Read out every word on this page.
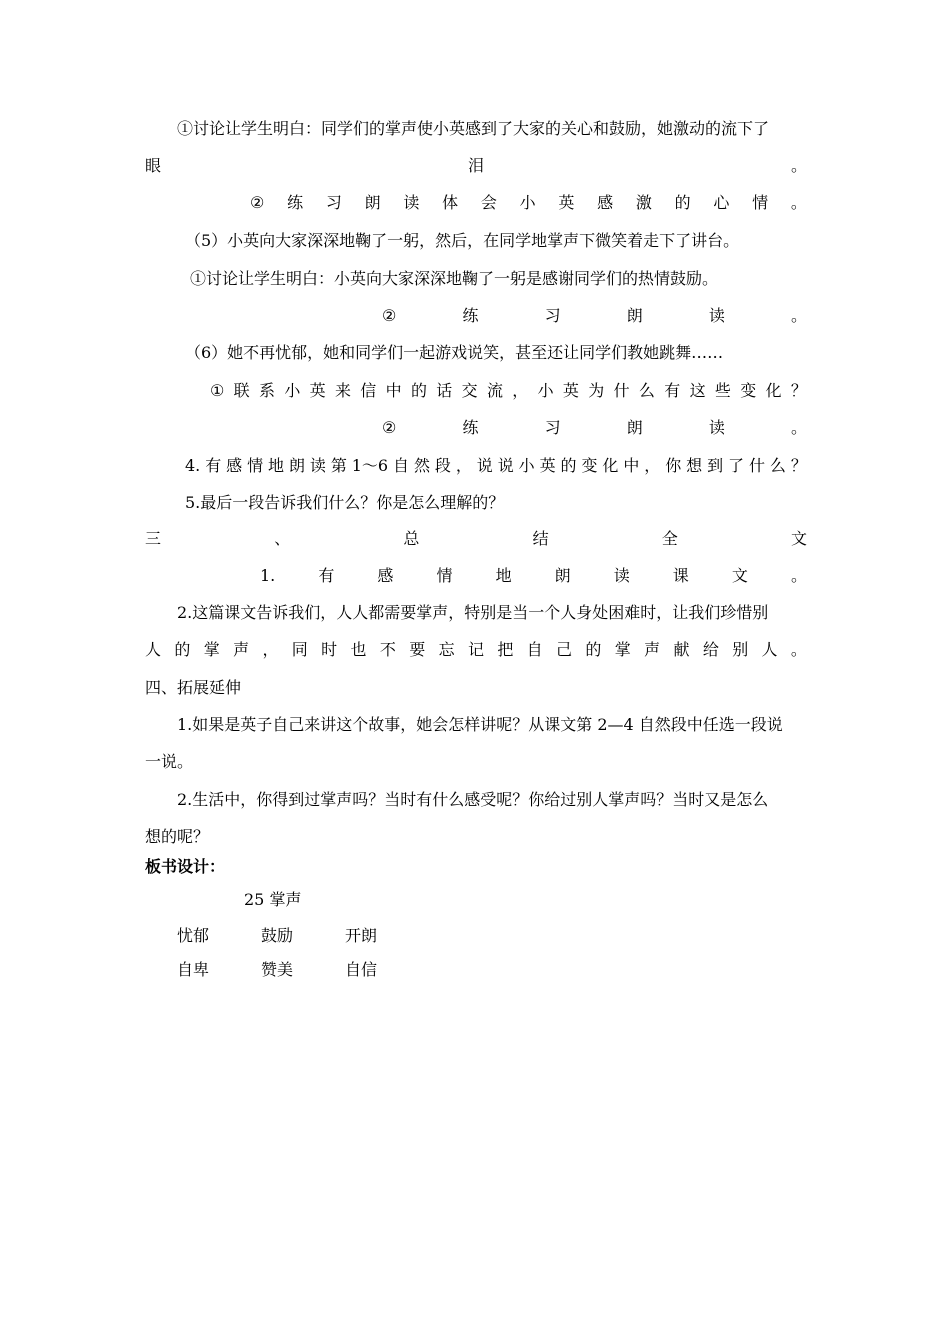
①讨论让学生明白：同学们的掌声使小英感到了大家的关心和鼓励，她激动的流下了
眼	泪	。
② 练 习 朗 读 体 会 小 英 感 激 的 心 情 。
（5）小英向大家深深地鞠了一躬，然后，在同学地掌声下微笑着走下了讲台。
①讨论让学生明白：小英向大家深深地鞠了一躬是感谢同学们的热情鼓励。
②	练	习	朗	读	。
（6）她不再忧郁，她和同学们一起游戏说笑，甚至还让同学们教她跳舞……
① 联 系 小 英 来 信 中 的 话 交 流 ， 小 英 为 什 么 有 这 些 变 化 ？
②	练	习	朗	读	。
4. 有 感 情 地 朗 读 第 1～6 自 然 段 ， 说 说 小 英 的 变 化 中 ， 你 想 到 了 什 么 ？
5.最后一段告诉我们什么？你是怎么理解的？
三	、	总	结	全	文
1.	有	感	情	地	朗	读	课	文	。
2.这篇课文告诉我们，人人都需要掌声，特别是当一个人身处困难时，让我们珍惜别
人 的 掌 声 ， 同 时 也 不 要 忘 记 把 自 己 的 掌 声 献 给 别 人 。
四、拓展延伸
1.如果是英子自己来讲这个故事，她会怎样讲呢？从课文第 2—4 自然段中任选一段说
一说。
2.生活中，你得到过掌声吗？当时有什么感受呢？你给过别人掌声吗？当时又是怎么
想的呢？
板书设计：
25 掌声
忧郁	鼓励	开朗
自卑	赞美	自信
